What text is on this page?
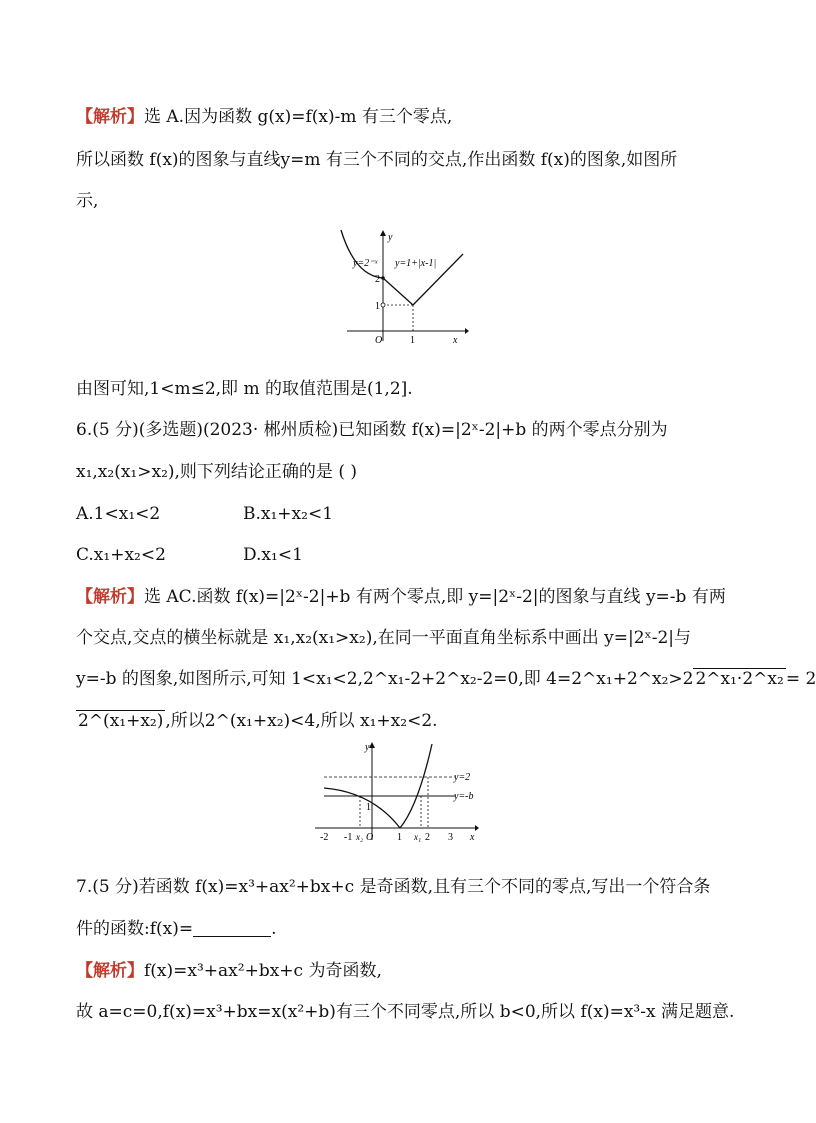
【解析】选 A.因为函数 g(x)=f(x)-m 有三个零点,
所以函数 f(x)的图象与直线y=m 有三个不同的交点,作出函数 f(x)的图象,如图所
示,
y=2⁻ˣ y=1+|x-1|
2
1
O	1	x
y
由图可知,1<m≤2,即 m 的取值范围是(1,2].
6.(5 分)(多选题)(2023· 郴州质检)已知函数 f(x)=|2ˣ-2|+b 的两个零点分别为
x₁,x₂(x₁>x₂),则下列结论正确的是 ( )
A.1<x₁<2	B.x₁+x₂<1
C.x₁+x₂<2	D.x₁<1
【解析】选 AC.函数 f(x)=|2ˣ-2|+b 有两个零点,即 y=|2ˣ-2|的图象与直线 y=-b 有两
个交点,交点的横坐标就是 x₁,x₂(x₁>x₂),在同一平面直角坐标系中画出 y=|2ˣ-2|与
y=-b 的图象,如图所示,可知 1<x₁<2,2^x₁-2+2^x₂-2=0,即 4=2^x₁+2^x₂>2 2^x₁·2^x₂ = 2
2^(x₁+x₂) ,所以2^(x₁+x₂)<4,所以 x₁+x₂<2.
y=2
y=-b
1
-2 -1 x₂ O 1 x₁ 2 3 x
y
7.(5 分)若函数 f(x)=x³+ax²+bx+c 是奇函数,且有三个不同的零点,写出一个符合条
件的函数:f(x)=	.
【解析】f(x)=x³+ax²+bx+c 为奇函数,
故 a=c=0,f(x)=x³+bx=x(x²+b)有三个不同零点,所以 b<0,所以 f(x)=x³-x 满足题意.
